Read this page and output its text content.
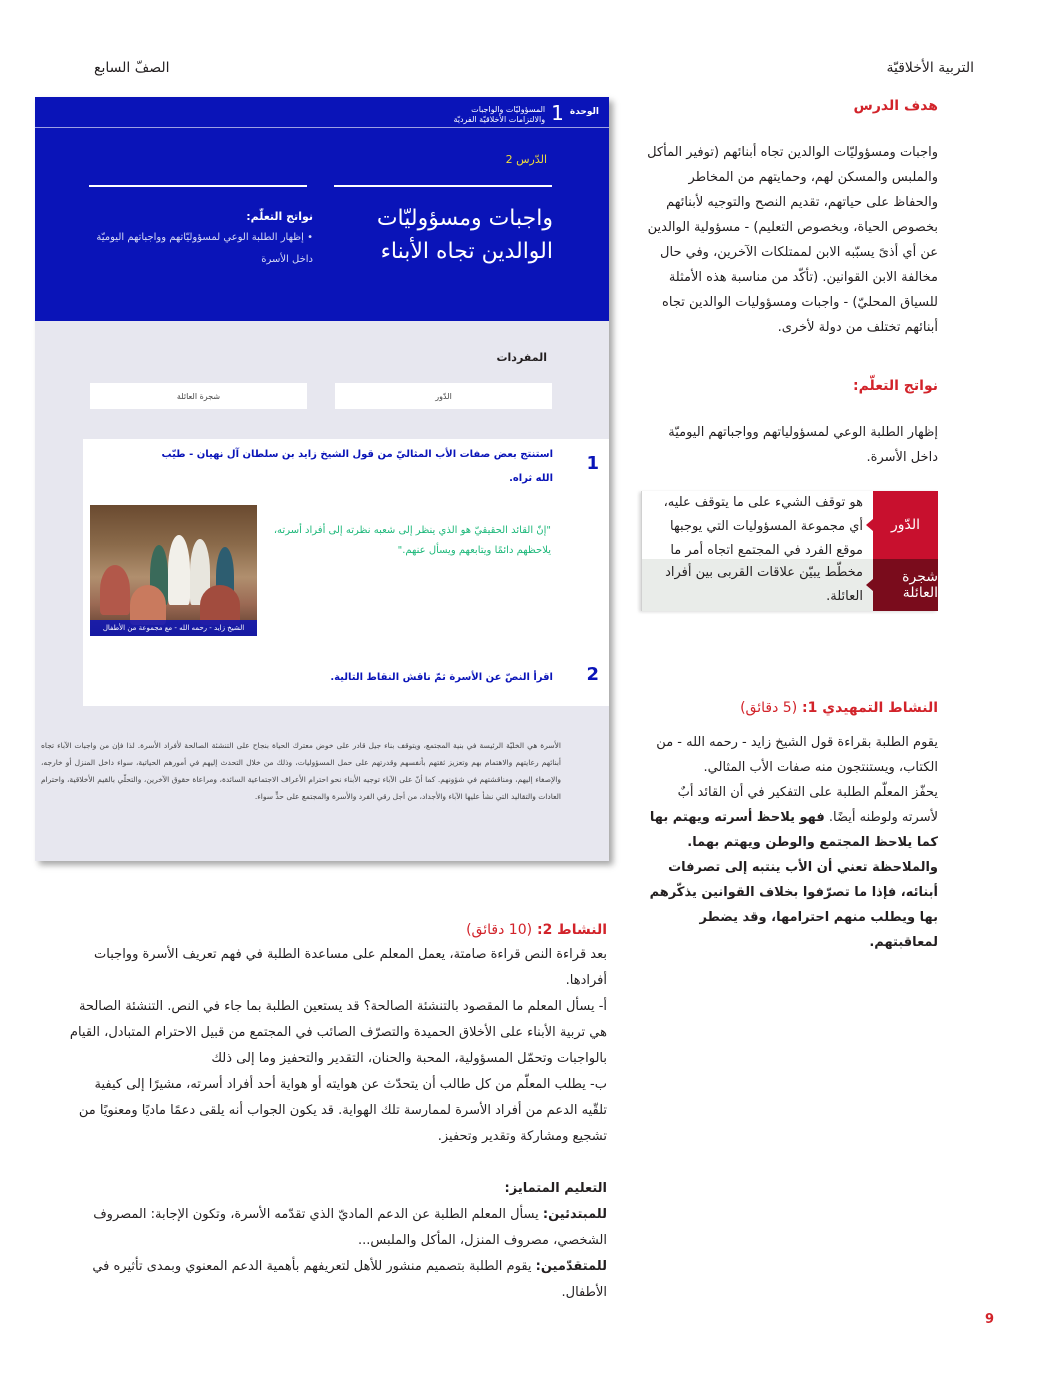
التربية الأخلاقيّة
الصفّ السابع
هدف الدرس
واجبات ومسؤوليّات الوالدين تجاه أبنائهم (توفير المأكل والملبس والمسكن لهم، وحمايتهم من المخاطر والحفاظ على حياتهم، تقديم النصح والتوجيه لأبنائهم بخصوص الحياة، وبخصوص التعليم) - مسؤولية الوالدين عن أي أذىً يسبّبه الابن لممتلكات الآخرين، وفي حال مخالفة الابن القوانين. (تأكّد من مناسبة هذه الأمثلة للسياق المحليّ) - واجبات ومسؤوليات الوالدين تجاه أبنائهم تختلف من دولة لأخرى.
نواتج التعلّم:
إظهار الطلبة الوعي لمسؤولياتهم وواجباتهم اليوميّة داخل الأسرة.
الدّور
هو توقف الشيء على ما يتوقف عليه، أي مجموعة المسؤوليات التي يوجبها موقع الفرد في المجتمع اتجاه أمر ما
شجرة العائلة
مخطّط يبيّن علاقات القربى بين أفراد العائلة.
النشاط التمهيدي 1: (5 دقائق)
يقوم الطلبة بقراءة قول الشيخ زايد - رحمه الله - من الكتاب، ويستنتجون منه صفات الأب المثالي.
يحفّز المعلّم الطلبة على التفكير في أن القائد أبٌ لأسرته ولوطنه أيضًا. فهو يلاحظ أسرته ويهتم بها كما يلاحظ المجتمع والوطن ويهتم بهما. والملاحظة تعني أن الأب ينتبه إلى تصرفات أبنائه، فإذا ما تصرّفوا بخلاف القوانين يذكّرهم بها ويطلب منهم احترامها، وقد يضطر لمعاقبتهم.
الوحدة
1
المسؤوليّات والواجبات
والالتزامات الأخلاقيّة الفرديّة
الدّرس 2
واجبات ومسؤوليّات الوالدين تجاه الأبناء
نواتج التعلّم:
• إظهار الطلبة الوعي لمسؤوليّاتهم وواجباتهم اليوميّة داخل الأسرة
المفردات
الدّور
شجرة العائلة
1
استنتج بعض صفات الأب المثاليّ من قول الشيخ زايد بن سلطان آل نهيان - طيّب الله ثراه.
"إنّ القائد الحقيقيّ هو الذي ينظر إلى شعبه نظرته إلى أفراد أسرته، يلاحظهم دائمًا ويتابعهم ويسأل عنهم."
الشيخ زايد - رحمه الله - مع مجموعة من الأطفال
2
اقرأ النصّ عن الأسرة ثمّ ناقش النقاط التالية.
الأسرة هي الخليّة الرئيسة في بنية المجتمع، ويتوقف بناء جيل قادر على خوض معترك الحياة بنجاح على التنشئة الصالحة لأفراد الأسرة. لذا فإن من واجبات الآباء تجاه أبنائهم رعايتهم والاهتمام بهم وتعزيز ثقتهم بأنفسهم وقدرتهم على حمل المسؤوليات، وذلك من خلال التحدث إليهم في أمورهم الحياتية، سواء داخل المنزل أو خارجه، والإصغاء إليهم، ومناقشتهم في شؤونهم. كما أنّ على الآباء توجيه الأبناء نحو احترام الأعراف الاجتماعية السائدة، ومراعاة حقوق الآخرين، والتحلّي بالقيم الأخلاقية، واحترام العادات والتقاليد التي نشأ عليها الآباء والأجداد، من أجل رقي الفرد والأسرة والمجتمع على حدٍّ سواء.
النشاط 2: (10 دقائق)
بعد قراءة النص قراءة صامتة، يعمل المعلم على مساعدة الطلبة في فهم تعريف الأسرة وواجبات أفرادها.
أ- يسأل المعلم ما المقصود بالتنشئة الصالحة؟ قد يستعين الطلبة بما جاء في النص. التنشئة الصالحة هي تربية الأبناء على الأخلاق الحميدة والتصرّف الصائب في المجتمع من قبيل الاحترام المتبادل، القيام بالواجبات وتحمّل المسؤولية، المحبة والحنان، التقدير والتحفيز وما إلى ذلك
ب- يطلب المعلّم من كل طالب أن يتحدّث عن هوايته أو هواية أحد أفراد أسرته، مشيرًا إلى كيفية تلقّيه الدعم من أفراد الأسرة لممارسة تلك الهواية. قد يكون الجواب أنه يلقى دعمًا ماديًا ومعنويًا من تشجيع ومشاركة وتقدير وتحفيز.
التعليم المتمايز:
للمبتدئين: يسأل المعلم الطلبة عن الدعم الماديّ الذي تقدّمه الأسرة، وتكون الإجابة: المصروف الشخصي، مصروف المنزل، المأكل والملبس...
للمتقدّمين: يقوم الطلبة بتصميم منشور للأهل لتعريفهم بأهمية الدعم المعنوي وبمدى تأثيره في الأطفال.
9
